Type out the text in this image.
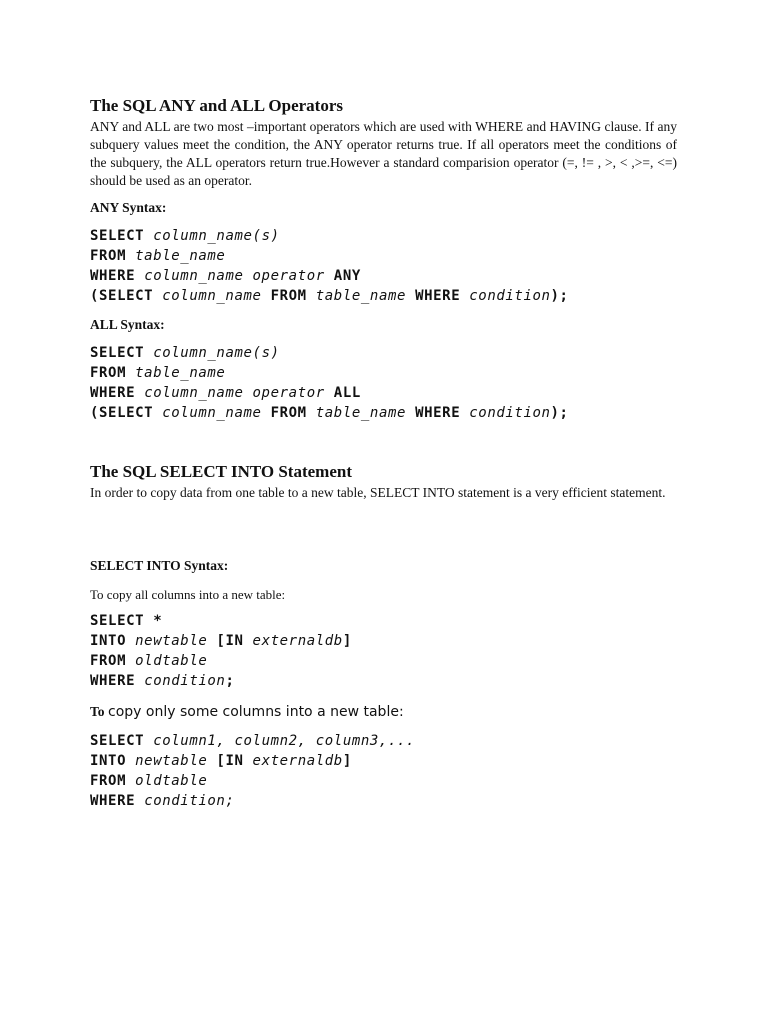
The SQL ANY and ALL Operators

ANY and ALL are two most –important operators which are used with WHERE and HAVING clause. If any subquery values meet the condition, the ANY operator returns true. If all operators meet the conditions of the subquery, the ALL operators return true.However a standard comparision operator (=, != , >, < ,>=, <=) should be used as an operator.

ANY Syntax:

SELECT column_name(s)
FROM table_name
WHERE column_name operator ANY
(SELECT column_name FROM table_name WHERE condition);

ALL Syntax:

SELECT column_name(s)
FROM table_name
WHERE column_name operator ALL
(SELECT column_name FROM table_name WHERE condition);
The SQL SELECT INTO Statement

In order to copy data from one table to a new table, SELECT INTO statement is a very efficient statement.

SELECT INTO Syntax:

To copy all columns into a new table:

SELECT *
INTO newtable [IN externaldb]
FROM oldtable
WHERE condition;

To copy only some columns into a new table:

SELECT column1, column2, column3,...
INTO newtable [IN externaldb]
FROM oldtable
WHERE condition;
